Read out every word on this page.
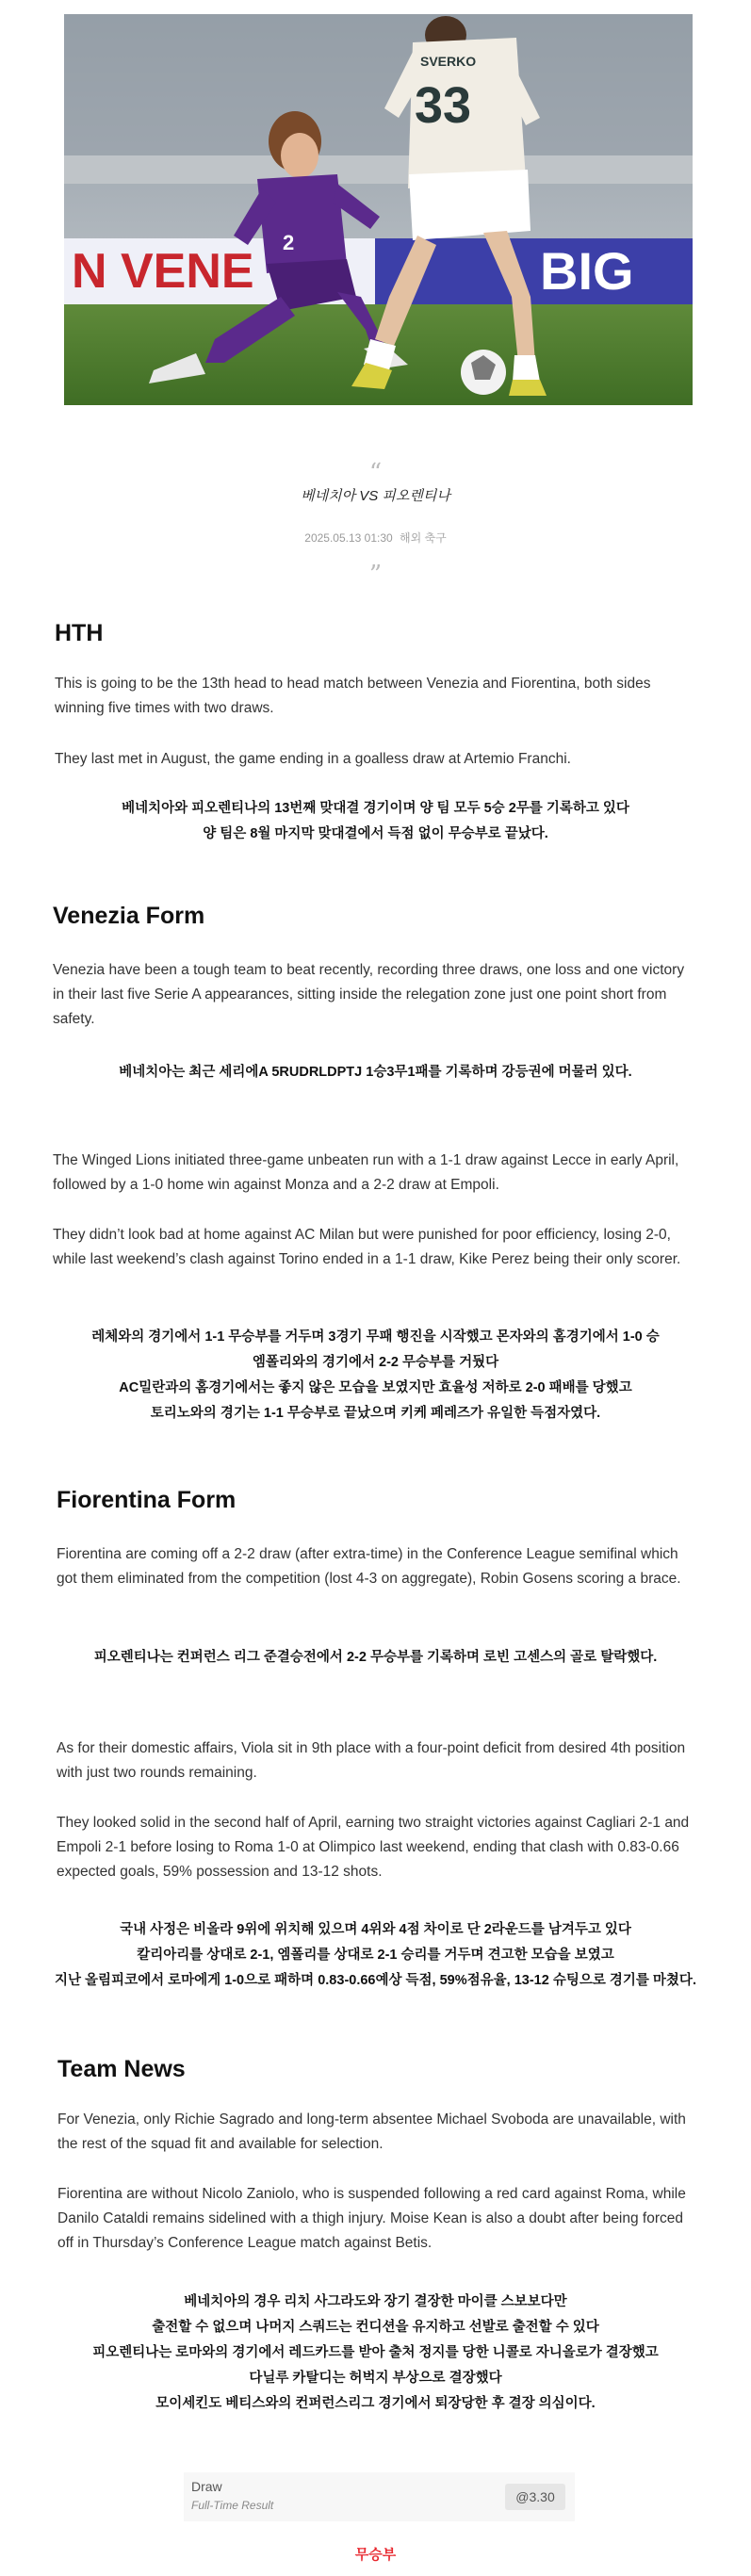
N VENE	BIG
2
SVERKO
33
“
베네치아 VS 피오렌티나
2025.05.13 01:30 해외 축구
”
HTH

This is going to be the 13th head to head match between Venezia and Fiorentina, both sides winning five times with two draws.

They last met in August, the game ending in a goalless draw at Artemio Franchi.

베네치아와 피오렌티나의 13번째 맞대결 경기이며 양 팀 모두 5승 2무를 기록하고 있다
양 팀은 8월 마지막 맞대결에서 득점 없이 무승부로 끝났다.
Venezia Form

Venezia have been a tough team to beat recently, recording three draws, one loss and one victory in their last five Serie A appearances, sitting inside the relegation zone just one point short from safety.

베네치아는 최근 세리에A 5RUDRLDPTJ 1승3무1패를 기록하며 강등권에 머물러 있다.

The Winged Lions initiated three-game unbeaten run with a 1-1 draw against Lecce in early April, followed by a 1-0 home win against Monza and a 2-2 draw at Empoli.

They didn’t look bad at home against AC Milan but were punished for poor efficiency, losing 2-0, while last weekend’s clash against Torino ended in a 1-1 draw, Kike Perez being their only scorer.

레체와의 경기에서 1-1 무승부를 거두며 3경기 무패 행진을 시작했고 몬자와의 홈경기에서 1-0 승
엠폴리와의 경기에서 2-2 무승부를 거뒀다
AC밀란과의 홈경기에서는 좋지 않은 모습을 보였지만 효율성 저하로 2-0 패배를 당했고
토리노와의 경기는 1-1 무승부로 끝났으며 키케 페레즈가 유일한 득점자였다.
Fiorentina Form

Fiorentina are coming off a 2-2 draw (after extra-time) in the Conference League semifinal which got them eliminated from the competition (lost 4-3 on aggregate), Robin Gosens scoring a brace.

피오렌티나는 컨퍼런스 리그 준결승전에서 2-2 무승부를 기록하며 로빈 고센스의 골로 탈락했다.

As for their domestic affairs, Viola sit in 9th place with a four-point deficit from desired 4th position with just two rounds remaining.

They looked solid in the second half of April, earning two straight victories against Cagliari 2-1 and Empoli 2-1 before losing to Roma 1-0 at Olimpico last weekend, ending that clash with 0.83-0.66 expected goals, 59% possession and 13-12 shots.

국내 사정은 비올라 9위에 위치해 있으며 4위와 4점 차이로 단 2라운드를 남겨두고 있다
칼리아리를 상대로 2-1, 엠폴리를 상대로 2-1 승리를 거두며 견고한 모습을 보였고
지난 올림피코에서 로마에게 1-0으로 패하며 0.83-0.66예상 득점, 59%점유율, 13-12 슈팅으로 경기를 마쳤다.
Team News

For Venezia, only Richie Sagrado and long-term absentee Michael Svoboda are unavailable, with the rest of the squad fit and available for selection.

Fiorentina are without Nicolo Zaniolo, who is suspended following a red card against Roma, while Danilo Cataldi remains sidelined with a thigh injury. Moise Kean is also a doubt after being forced off in Thursday’s Conference League match against Betis.

베네치아의 경우 리치 사그라도와 장기 결장한 마이클 스보보다만
출전할 수 없으며 나머지 스쿼드는 컨디션을 유지하고 선발로 출전할 수 있다
피오렌티나는 로마와의 경기에서 레드카드를 받아 출처 정지를 당한 니콜로 자니올로가 결장했고
다닐루 카탈디는 허벅지 부상으로 결장했다
모이세킨도 베티스와의 컨퍼런스리그 경기에서 퇴장당한 후 결장 의심이다.
Draw
Full-Time Result
@3.30
무승부
